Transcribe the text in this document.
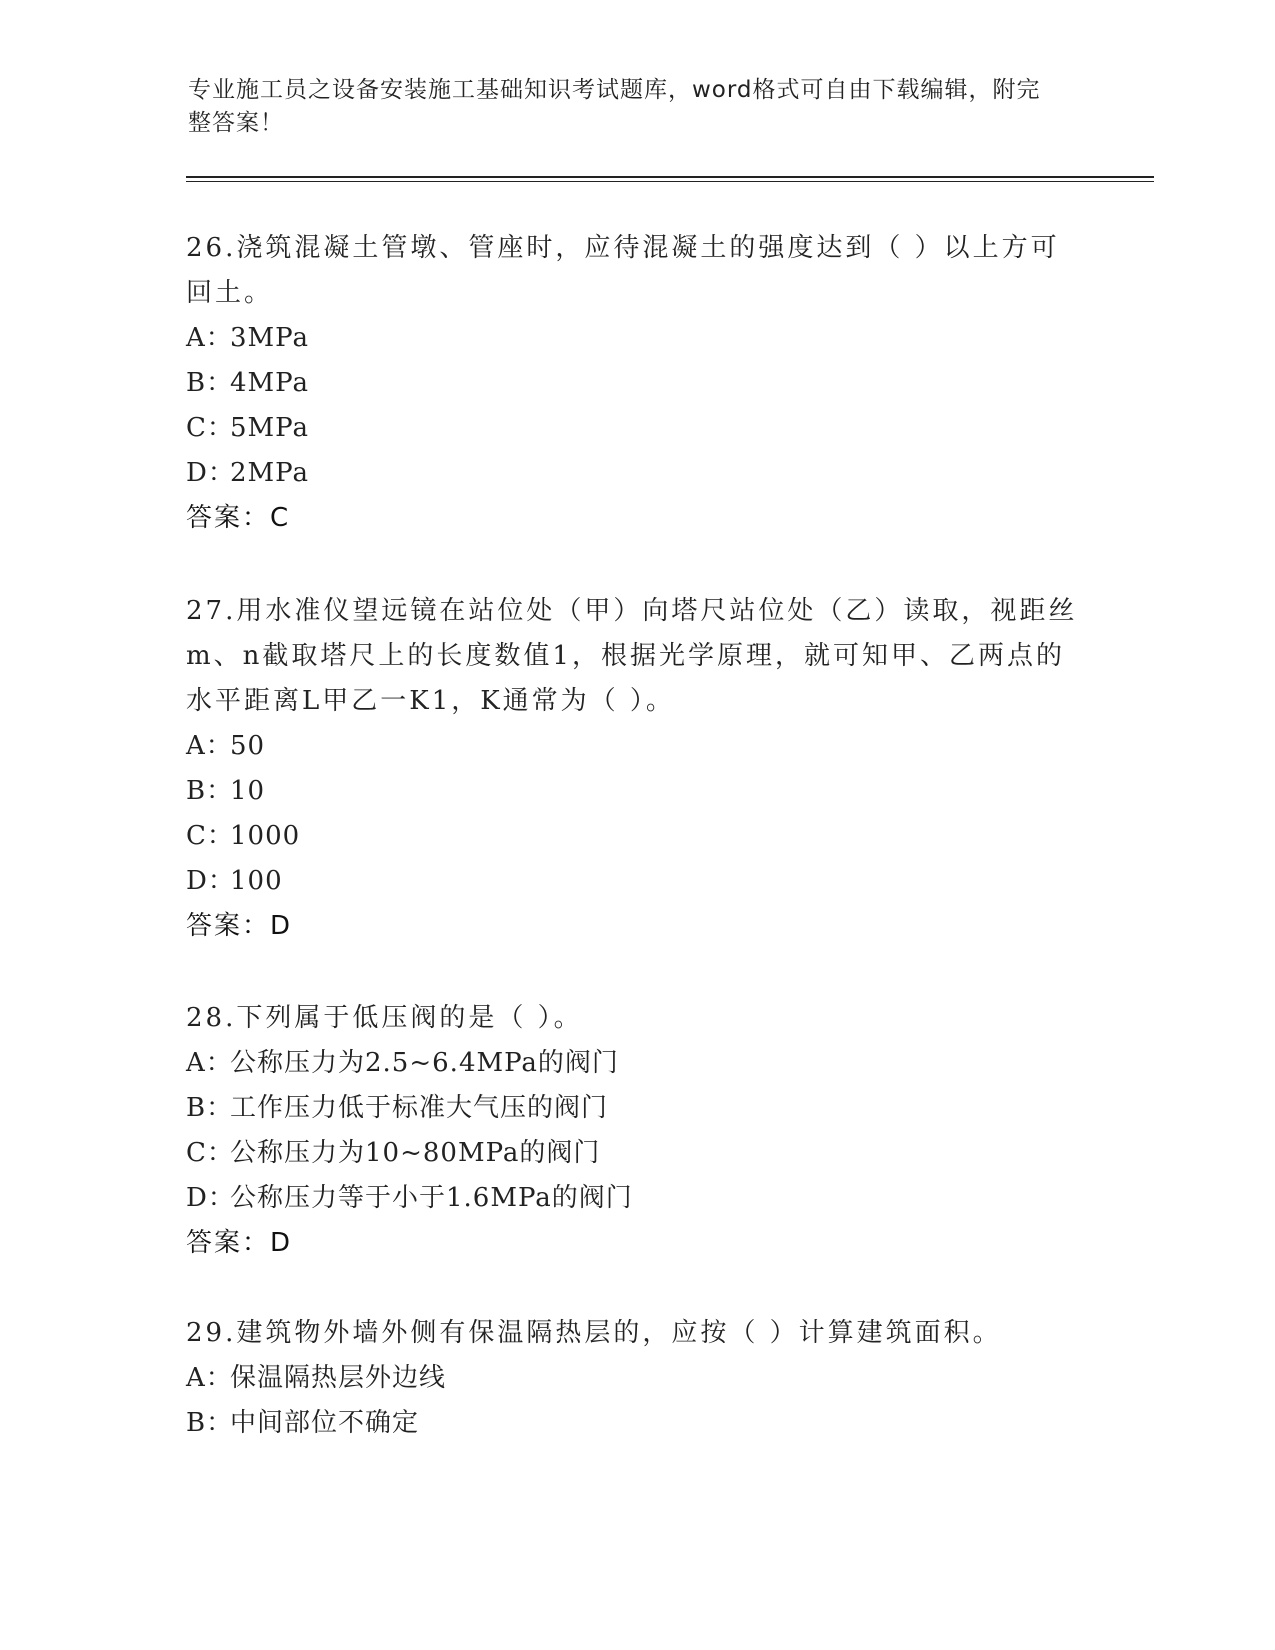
专业施工员之设备安装施工基础知识考试题库，word格式可自由下载编辑，附完
整答案！

26.浇筑混凝土管墩、管座时，应待混凝土的强度达到（ ）以上方可

回土。

A：3MPa

B：4MPa

C：5MPa

D：2MPa

答案：C

27.用水准仪望远镜在站位处（甲）向塔尺站位处（乙）读取，视距丝

m、n截取塔尺上的长度数值1，根据光学原理，就可知甲、乙两点的

水平距离L甲乙一K1，K通常为（ ）。

A：50

B：10

C：1000

D：100

答案：D

28.下列属于低压阀的是（ ）。

A：公称压力为2.5~6.4MPa的阀门

B：工作压力低于标准大气压的阀门

C：公称压力为10~80MPa的阀门

D：公称压力等于小于1.6MPa的阀门

答案：D

29.建筑物外墙外侧有保温隔热层的，应按（ ）计算建筑面积。

A：保温隔热层外边线

B：中间部位不确定
